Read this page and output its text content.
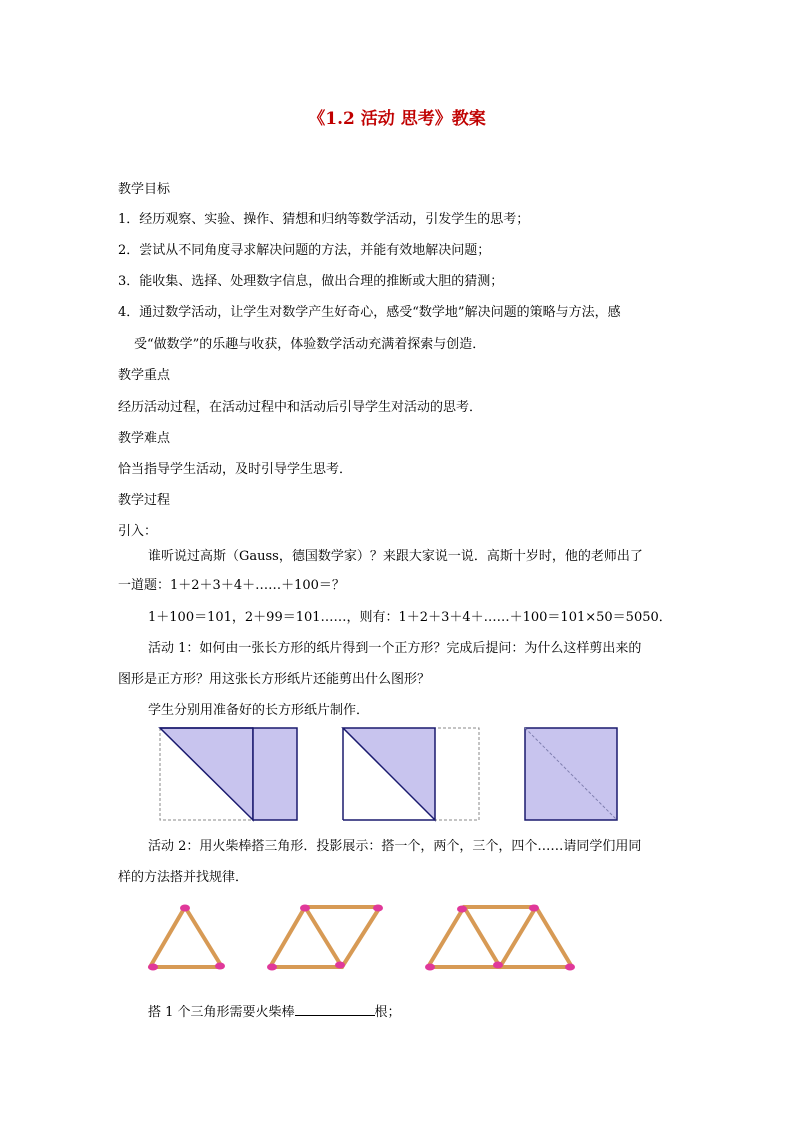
《1.2 活动 思考》教案
教学目标
1．经历观察、实验、操作、猜想和归纳等数学活动，引发学生的思考；
2．尝试从不同角度寻求解决问题的方法，并能有效地解决问题；
3．能收集、选择、处理数字信息，做出合理的推断或大胆的猜测；
4．通过数学活动，让学生对数学产生好奇心，感受“数学地”解决问题的策略与方法，感
受“做数学”的乐趣与收获，体验数学活动充满着探索与创造．
教学重点
经历活动过程，在活动过程中和活动后引导学生对活动的思考．
教学难点
恰当指导学生活动，及时引导学生思考．
教学过程
引入：
谁听说过高斯（Gauss，德国数学家）？来跟大家说一说．高斯十岁时，他的老师出了
一道题：1＋2＋3＋4＋……＋100＝？
1＋100＝101，2＋99＝101……，则有：1＋2＋3＋4＋……＋100＝101×50＝5050．
活动 1：如何由一张长方形的纸片得到一个正方形？完成后提问：为什么这样剪出来的
图形是正方形？用这张长方形纸片还能剪出什么图形？
学生分别用准备好的长方形纸片制作．
活动 2：用火柴棒搭三角形．投影展示：搭一个，两个，三个，四个……请同学们用同
样的方法搭并找规律．
搭 1 个三角形需要火柴棒	根；
